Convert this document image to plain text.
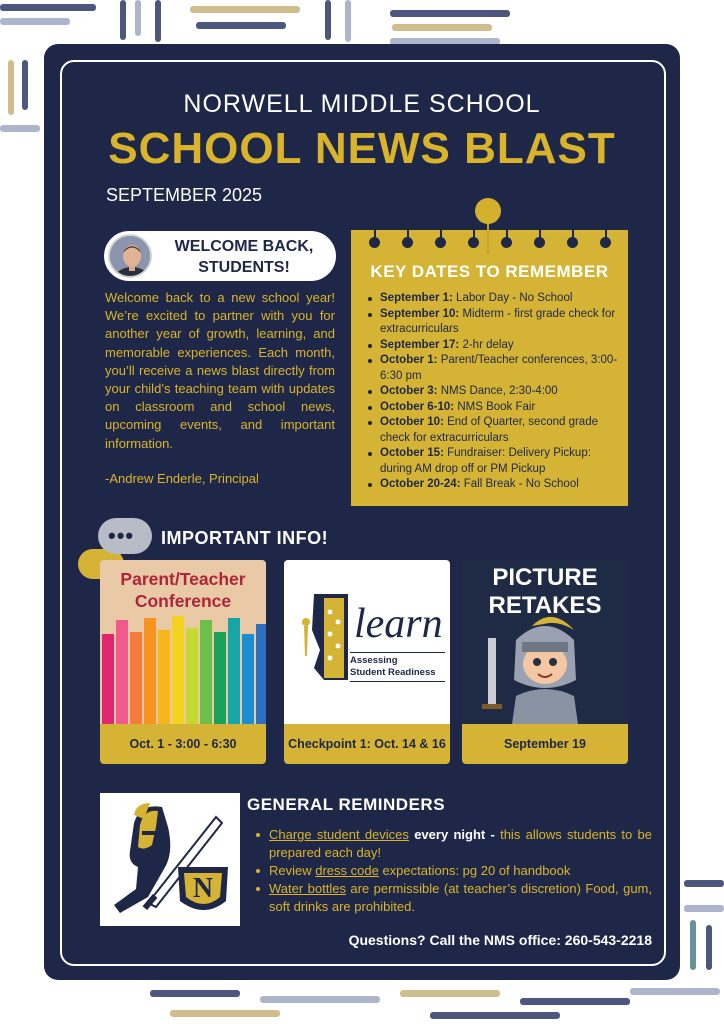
NORWELL MIDDLE SCHOOL
SCHOOL NEWS BLAST
SEPTEMBER 2025
WELCOME BACK,
STUDENTS!
Welcome back to a new school year! We’re excited to partner with you for another year of growth, learning, and memorable experiences. Each month, you’ll receive a news blast directly from your child’s teaching team with updates on classroom and school news, upcoming events, and important information.
-Andrew Enderle, Principal
KEY DATES TO REMEMBER
September 1: Labor Day - No School
September 10: Midterm - first grade check for extracurriculars
September 17: 2-hr delay
October 1: Parent/Teacher conferences, 3:00-6:30 pm
October 3: NMS Dance, 2:30-4:00
October 6-10: NMS Book Fair
October 10: End of Quarter, second grade check for extracurriculars
October 15: Fundraiser: Delivery Pickup: during AM drop off or PM Pickup
October 20-24: Fall Break - No School
••• IMPORTANT INFO!
Parent/Teacher
Conference
Oct. 1 - 3:00 - 6:30
learn
Assessing
Student Readiness
Checkpoint 1: Oct. 14 & 16
PICTURE
RETAKES
September 19
N
GENERAL REMINDERS
Charge student devices every night - this allows students to be prepared each day!
Review dress code expectations: pg 20 of handbook
Water bottles are permissible (at teacher’s discretion) Food, gum, soft drinks are prohibited.
Questions? Call the NMS office: 260-543-2218
